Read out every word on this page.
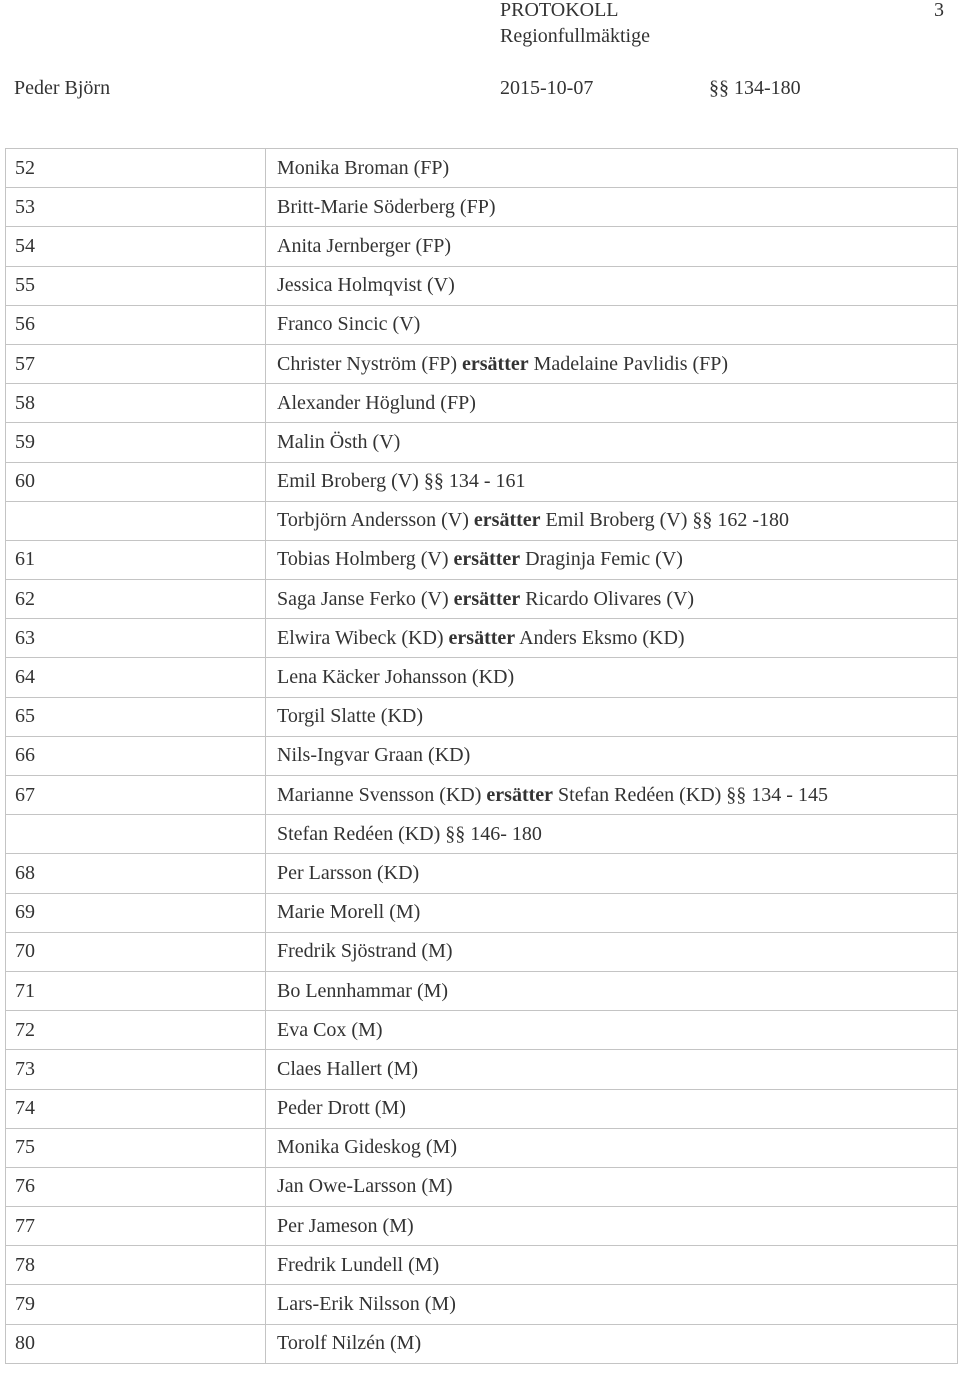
PROTOKOLL	3
Regionfullmäktige
Peder Björn	2015-10-07	§§ 134-180
52	Monika Broman (FP)
53	Britt-Marie Söderberg (FP)
54	Anita Jernberger (FP)
55	Jessica Holmqvist (V)
56	Franco Sincic (V)
57	Christer Nyström (FP) ersätter Madelaine Pavlidis (FP)
58	Alexander Höglund (FP)
59	Malin Östh (V)
60	Emil Broberg (V) §§ 134 - 161
	Torbjörn Andersson (V) ersätter Emil Broberg (V) §§ 162 -180
61	Tobias Holmberg (V) ersätter Draginja Femic (V)
62	Saga Janse Ferko (V) ersätter Ricardo Olivares (V)
63	Elwira Wibeck (KD) ersätter Anders Eksmo (KD)
64	Lena Käcker Johansson (KD)
65	Torgil Slatte (KD)
66	Nils-Ingvar Graan (KD)
67	Marianne Svensson (KD) ersätter Stefan Redéen (KD) §§ 134 - 145
	Stefan Redéen (KD) §§ 146- 180
68	Per Larsson (KD)
69	Marie Morell (M)
70	Fredrik Sjöstrand (M)
71	Bo Lennhammar (M)
72	Eva Cox (M)
73	Claes Hallert (M)
74	Peder Drott (M)
75	Monika Gideskog (M)
76	Jan Owe-Larsson (M)
77	Per Jameson (M)
78	Fredrik Lundell (M)
79	Lars-Erik Nilsson (M)
80	Torolf Nilzén (M)
